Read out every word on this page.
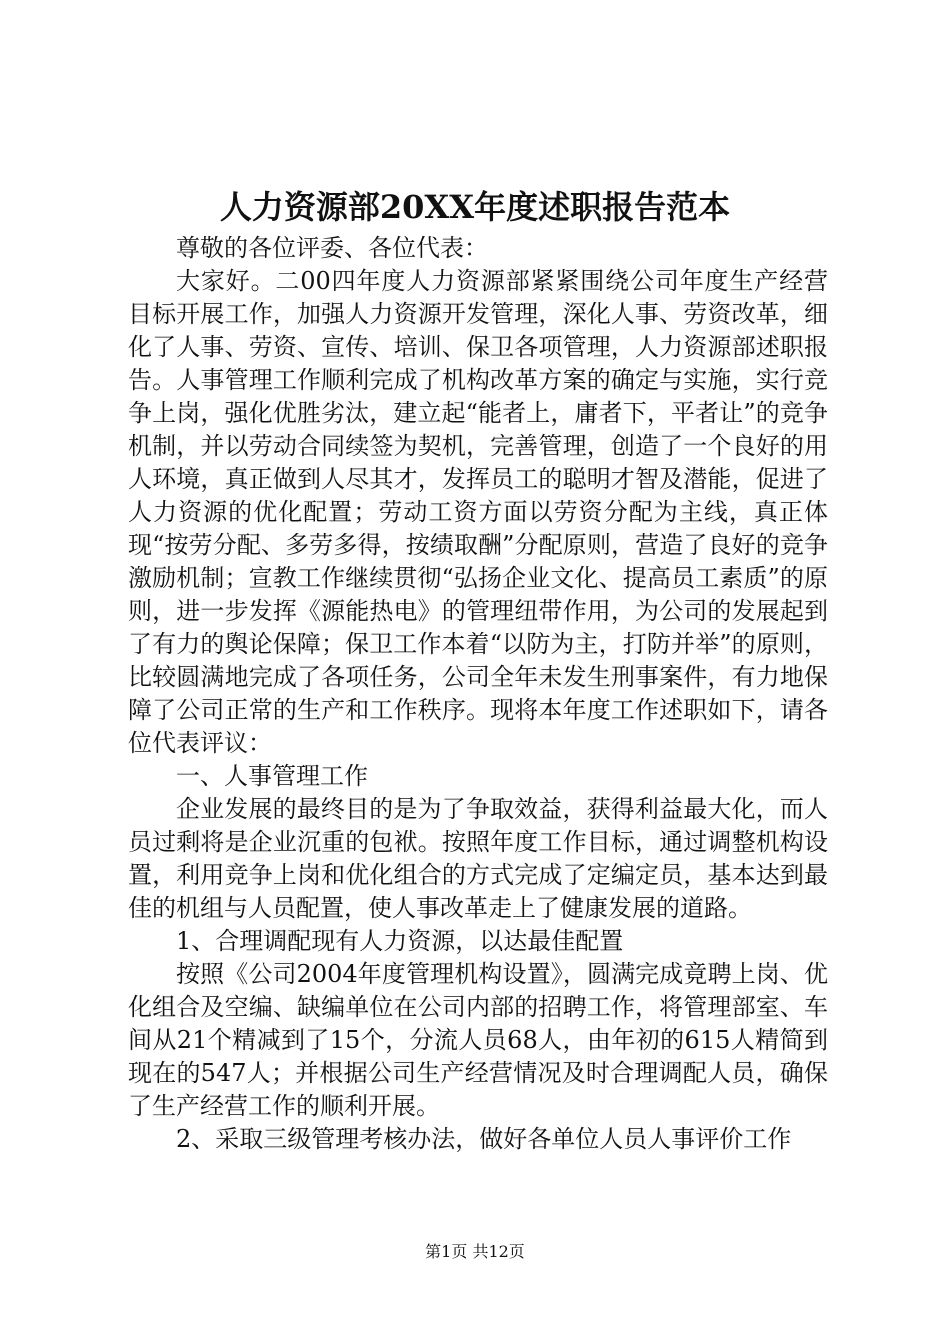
人力资源部20XX年度述职报告范本

尊敬的各位评委、各位代表：

大家好。二00四年度人力资源部紧紧围绕公司年度生产经营目标开展工作，加强人力资源开发管理，深化人事、劳资改革，细化了人事、劳资、宣传、培训、保卫各项管理，人力资源部述职报告。人事管理工作顺利完成了机构改革方案的确定与实施，实行竞争上岗，强化优胜劣汰，建立起“能者上，庸者下，平者让”的竞争机制，并以劳动合同续签为契机，完善管理，创造了一个良好的用人环境，真正做到人尽其才，发挥员工的聪明才智及潜能，促进了人力资源的优化配置；劳动工资方面以劳资分配为主线，真正体现“按劳分配、多劳多得，按绩取酬”分配原则，营造了良好的竞争激励机制；宣教工作继续贯彻“弘扬企业文化、提高员工素质”的原则，进一步发挥《源能热电》的管理纽带作用，为公司的发展起到了有力的舆论保障；保卫工作本着“以防为主，打防并举”的原则，比较圆满地完成了各项任务，公司全年未发生刑事案件，有力地保障了公司正常的生产和工作秩序。现将本年度工作述职如下，请各位代表评议：

一、人事管理工作

企业发展的最终目的是为了争取效益，获得利益最大化，而人员过剩将是企业沉重的包袱。按照年度工作目标，通过调整机构设置，利用竞争上岗和优化组合的方式完成了定编定员，基本达到最佳的机组与人员配置，使人事改革走上了健康发展的道路。

1、合理调配现有人力资源，以达最佳配置

按照《公司2004年度管理机构设置》，圆满完成竟聘上岗、优化组合及空编、缺编单位在公司内部的招聘工作，将管理部室、车间从21个精减到了15个，分流人员68人，由年初的615人精简到现在的547人；并根据公司生产经营情况及时合理调配人员，确保了生产经营工作的顺利开展。

2、采取三级管理考核办法，做好各单位人员人事评价工作

第1页 共12页
